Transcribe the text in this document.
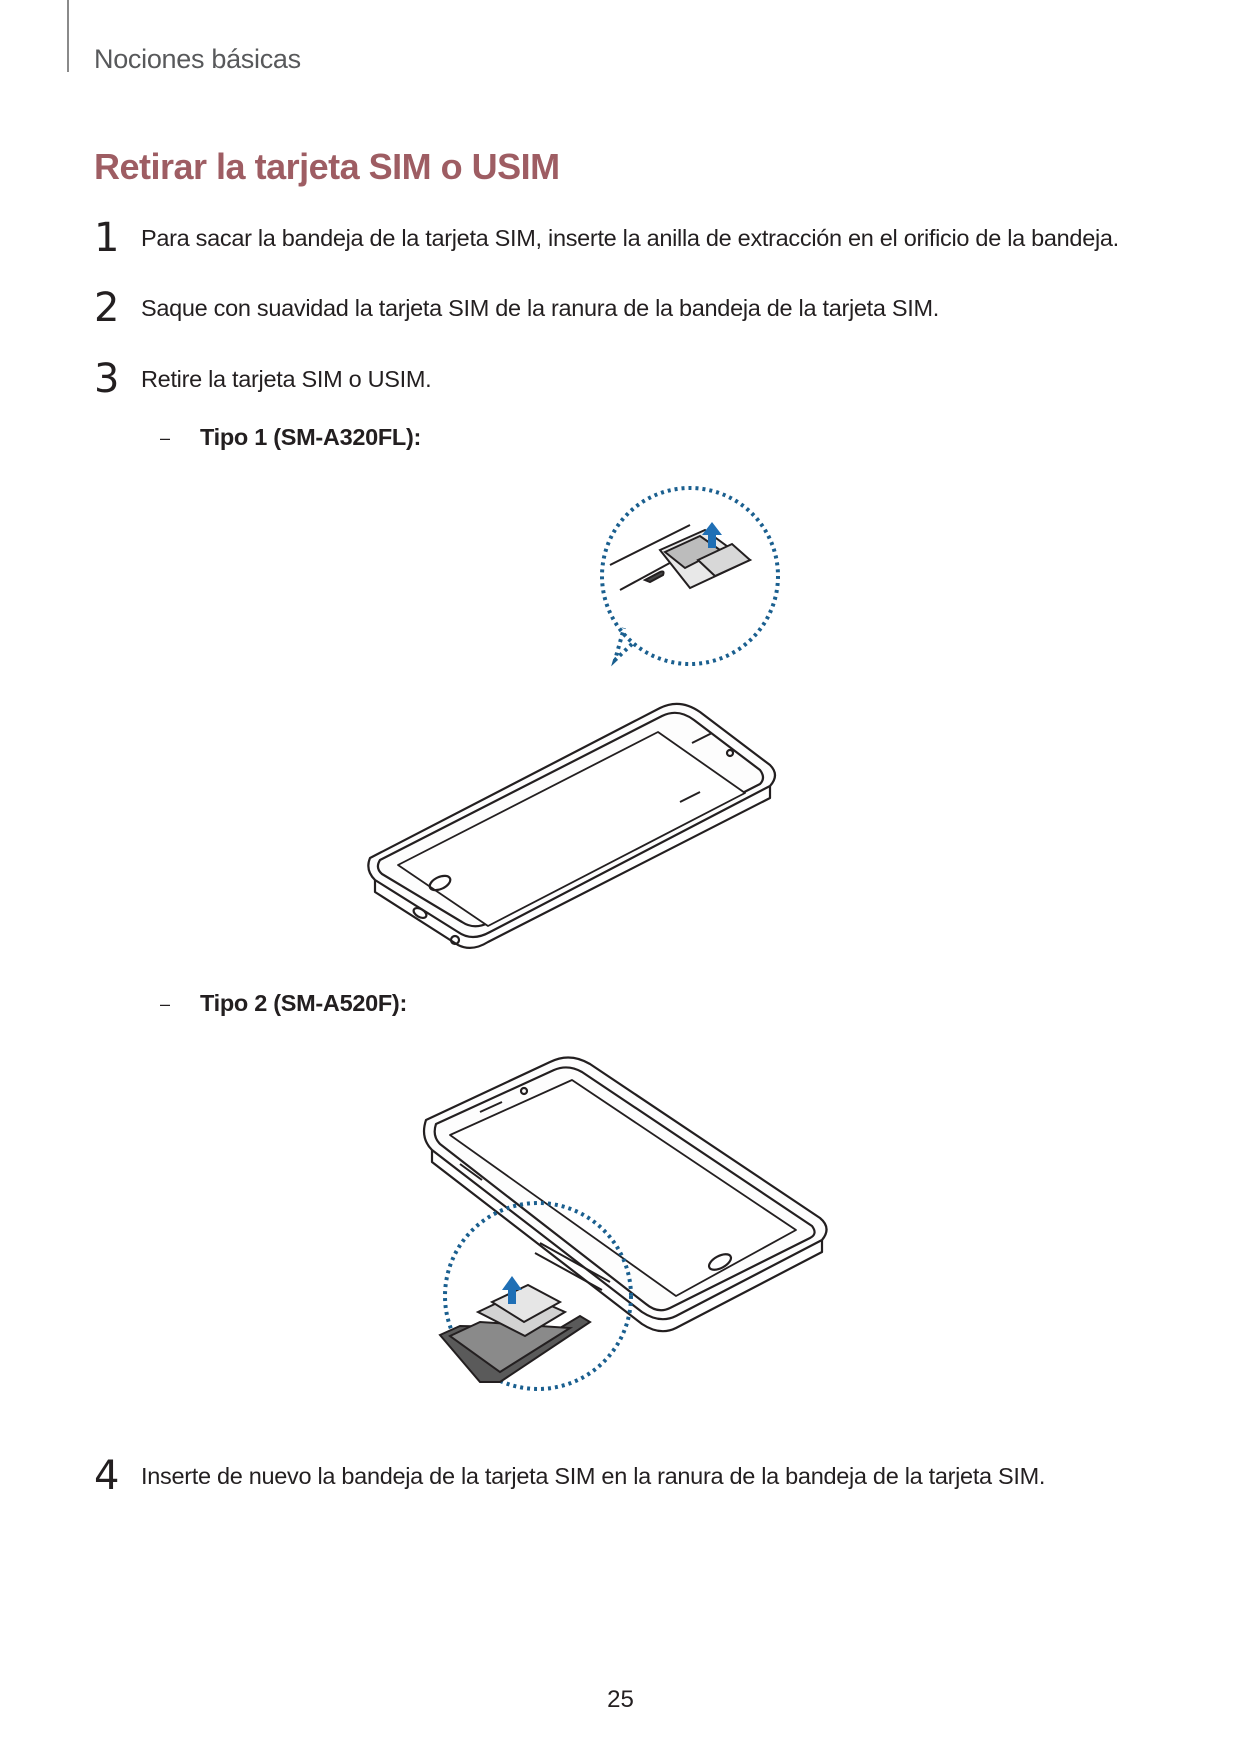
Nociones básicas
Retirar la tarjeta SIM o USIM
1 Para sacar la bandeja de la tarjeta SIM, inserte la anilla de extracción en el orificio de la bandeja.
2 Saque con suavidad la tarjeta SIM de la ranura de la bandeja de la tarjeta SIM.
3 Retire la tarjeta SIM o USIM.
– Tipo 1 (SM-A320FL):
– Tipo 2 (SM-A520F):
4 Inserte de nuevo la bandeja de la tarjeta SIM en la ranura de la bandeja de la tarjeta SIM.
25
